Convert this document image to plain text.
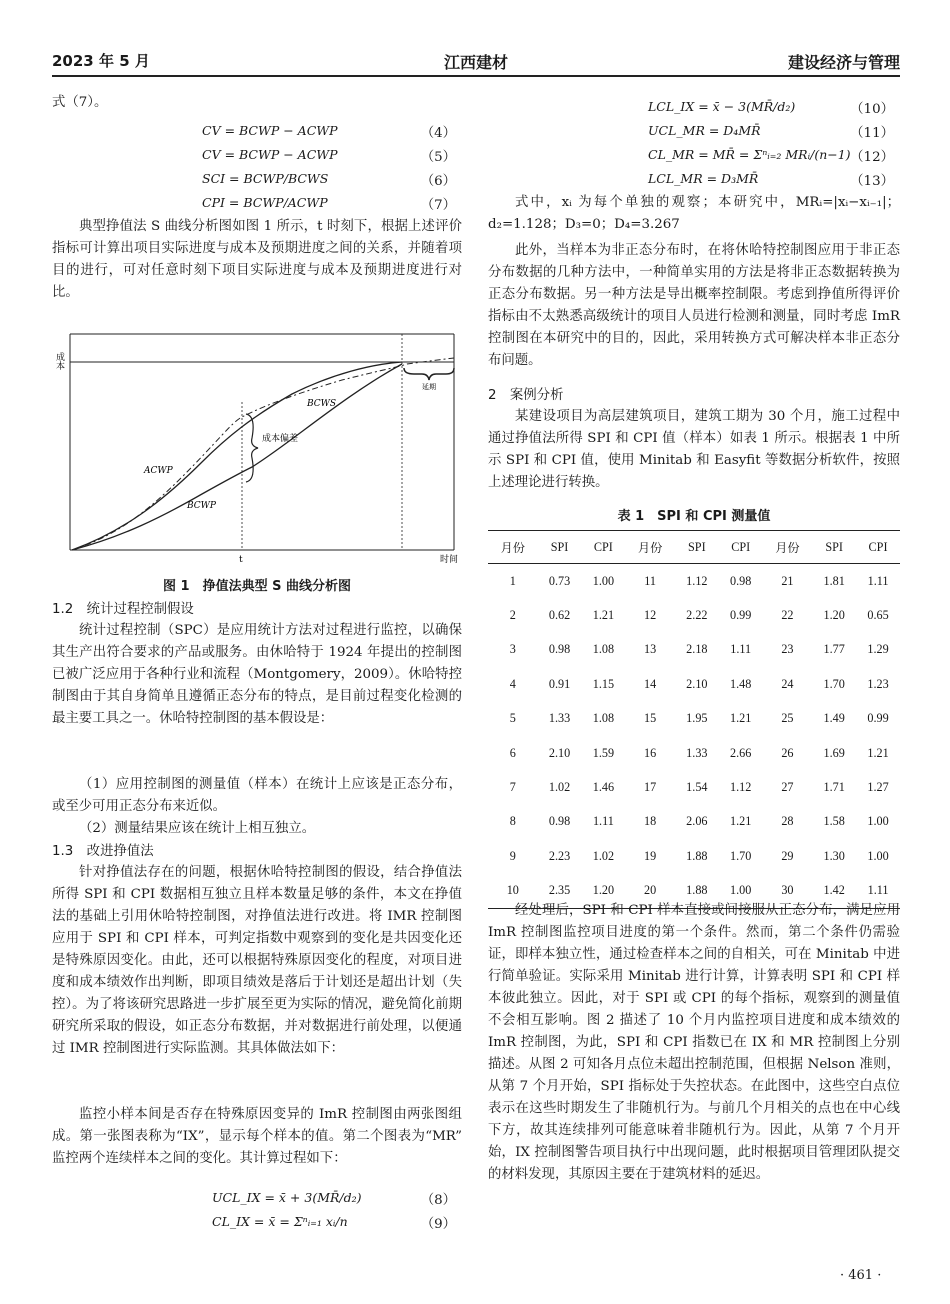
2023 年 5 月	江西建材	建设经济与管理
式（7）。
CV = BCWP − ACWP	（4）
CV = BCWP − ACWP	（5）
SCI = BCWP/BCWS	（6）
CPI = BCWP/ACWP	（7）
典型挣值法 S 曲线分析图如图 1 所示，t 时刻下，根据上述评价指标可计算出项目实际进度与成本及预期进度之间的关系，并随着项目的进行，可对任意时刻下项目实际进度与成本及预期进度进行对比。
成本
时间
t
BCWS
ACWP
BCWP
成本偏差
延期
图 1　挣值法典型 S 曲线分析图
1.2　统计过程控制假设
统计过程控制（SPC）是应用统计方法对过程进行监控，以确保其生产出符合要求的产品或服务。由休哈特于 1924 年提出的控制图已被广泛应用于各种行业和流程（Montgomery，2009）。休哈特控制图由于其自身简单且遵循正态分布的特点，是目前过程变化检测的最主要工具之一。休哈特控制图的基本假设是：
（1）应用控制图的测量值（样本）在统计上应该是正态分布，或至少可用正态分布来近似。
（2）测量结果应该在统计上相互独立。
1.3　改进挣值法
针对挣值法存在的问题，根据休哈特控制图的假设，结合挣值法所得 SPI 和 CPI 数据相互独立且样本数量足够的条件，本文在挣值法的基础上引用休哈特控制图，对挣值法进行改进。将 IMR 控制图应用于 SPI 和 CPI 样本，可判定指数中观察到的变化是共因变化还是特殊原因变化。由此，还可以根据特殊原因变化的程度，对项目进度和成本绩效作出判断，即项目绩效是落后于计划还是超出计划（失控）。为了将该研究思路进一步扩展至更为实际的情况，避免简化前期研究所采取的假设，如正态分布数据，并对数据进行前处理，以便通过 IMR 控制图进行实际监测。其具体做法如下：
监控小样本间是否存在特殊原因变异的 ImR 控制图由两张图组成。第一张图表称为“IX”，显示每个样本的值。第二个图表为“MR” 监控两个连续样本之间的变化。其计算过程如下：
UCL_IX = x̄ + 3(MR̄/d₂)	（8）
CL_IX = x̄ = Σⁿᵢ₌₁ xᵢ/n	（9）
LCL_IX = x̄ − 3(MR̄/d₂)	（10）
UCL_MR = D₄MR̄	（11）
CL_MR = MR̄ = Σⁿᵢ₌₂ MRᵢ/(n−1) （12）
LCL_MR = D₃MR̄	（13）
式中，xᵢ 为每个单独的观察；本研究中，MRᵢ=|xᵢ−xᵢ₋₁|；d₂=1.128；D₃=0；D₄=3.267
此外，当样本为非正态分布时，在将休哈特控制图应用于非正态分布数据的几种方法中，一种简单实用的方法是将非正态数据转换为正态分布数据。另一种方法是导出概率控制限。考虑到挣值所得评价指标由不太熟悉高级统计的项目人员进行检测和测量，同时考虑 ImR 控制图在本研究中的目的，因此，采用转换方式可解决样本非正态分布问题。
2　案例分析
某建设项目为高层建筑项目，建筑工期为 30 个月，施工过程中通过挣值法所得 SPI 和 CPI 值（样本）如表 1 所示。根据表 1 中所示 SPI 和 CPI 值，使用 Minitab 和 Easyfit 等数据分析软件，按照上述理论进行转换。
表 1　SPI 和 CPI 测量值
月份	SPI	CPI	月份	SPI	CPI	月份	SPI	CPI
1	0.73	1.00	11	1.12	0.98	21	1.81	1.11
2	0.62	1.21	12	2.22	0.99	22	1.20	0.65
3	0.98	1.08	13	2.18	1.11	23	1.77	1.29
4	0.91	1.15	14	2.10	1.48	24	1.70	1.23
5	1.33	1.08	15	1.95	1.21	25	1.49	0.99
6	2.10	1.59	16	1.33	2.66	26	1.69	1.21
7	1.02	1.46	17	1.54	1.12	27	1.71	1.27
8	0.98	1.11	18	2.06	1.21	28	1.58	1.00
9	2.23	1.02	19	1.88	1.70	29	1.30	1.00
10	2.35	1.20	20	1.88	1.00	30	1.42	1.11
经处理后，SPI 和 CPI 样本直接或间接服从正态分布，满足应用 ImR 控制图监控项目进度的第一个条件。然而，第二个条件仍需验证，即样本独立性，通过检查样本之间的自相关，可在 Minitab 中进行简单验证。实际采用 Minitab 进行计算，计算表明 SPI 和 CPI 样本彼此独立。因此，对于 SPI 或 CPI 的每个指标，观察到的测量值不会相互影响。图 2 描述了 10 个月内监控项目进度和成本绩效的 ImR 控制图，为此，SPI 和 CPI 指数已在 IX 和 MR 控制图上分别描述。从图 2 可知各月点位未超出控制范围，但根据 Nelson 准则，从第 7 个月开始，SPI 指标处于失控状态。在此图中，这些空白点位表示在这些时期发生了非随机行为。与前几个月相关的点也在中心线下方，故其连续排列可能意味着非随机行为。因此，从第 7 个月开始，IX 控制图警告项目执行中出现问题，此时根据项目管理团队提交的材料发现，其原因主要在于建筑材料的延迟。
· 461 ·
